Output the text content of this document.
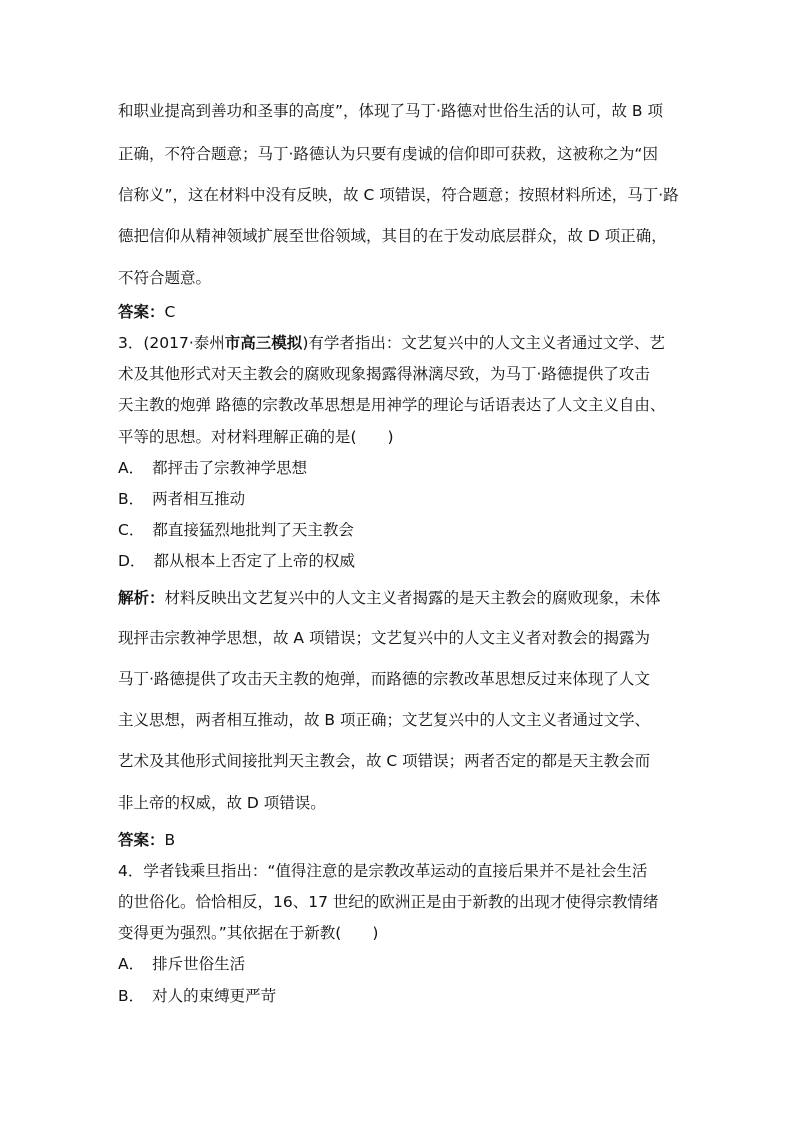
和职业提高到善功和圣事的高度”，体现了马丁·路德对世俗生活的认可，故 B 项
正确，不符合题意；马丁·路德认为只要有虔诚的信仰即可获救，这被称之为“因
信称义”，这在材料中没有反映，故 C 项错误，符合题意；按照材料所述，马丁·路
德把信仰从精神领域扩展至世俗领域，其目的在于发动底层群众，故 D 项正确，
不符合题意。
答案：C
3．(2017·泰州市高三模拟)有学者指出：文艺复兴中的人文主义者通过文学、艺
术及其他形式对天主教会的腐败现象揭露得淋漓尽致，为马丁·路德提供了攻击
天主教的炮弹 路德的宗教改革思想是用神学的理论与话语表达了人文主义自由、
平等的思想。对材料理解正确的是(　　)
A． 都抨击了宗教神学思想
B． 两者相互推动
C． 都直接猛烈地批判了天主教会
D． 都从根本上否定了上帝的权威
解析：材料反映出文艺复兴中的人文主义者揭露的是天主教会的腐败现象，未体
现抨击宗教神学思想，故 A 项错误；文艺复兴中的人文主义者对教会的揭露为
马丁·路德提供了攻击天主教的炮弹，而路德的宗教改革思想反过来体现了人文
主义思想，两者相互推动，故 B 项正确；文艺复兴中的人文主义者通过文学、
艺术及其他形式间接批判天主教会，故 C 项错误；两者否定的都是天主教会而
非上帝的权威，故 D 项错误。
答案：B
4．学者钱乘旦指出：“值得注意的是宗教改革运动的直接后果并不是社会生活
的世俗化。恰恰相反，16、17 世纪的欧洲正是由于新教的出现才使得宗教情绪
变得更为强烈。”其依据在于新教(　　)
A． 排斥世俗生活
B． 对人的束缚更严苛
